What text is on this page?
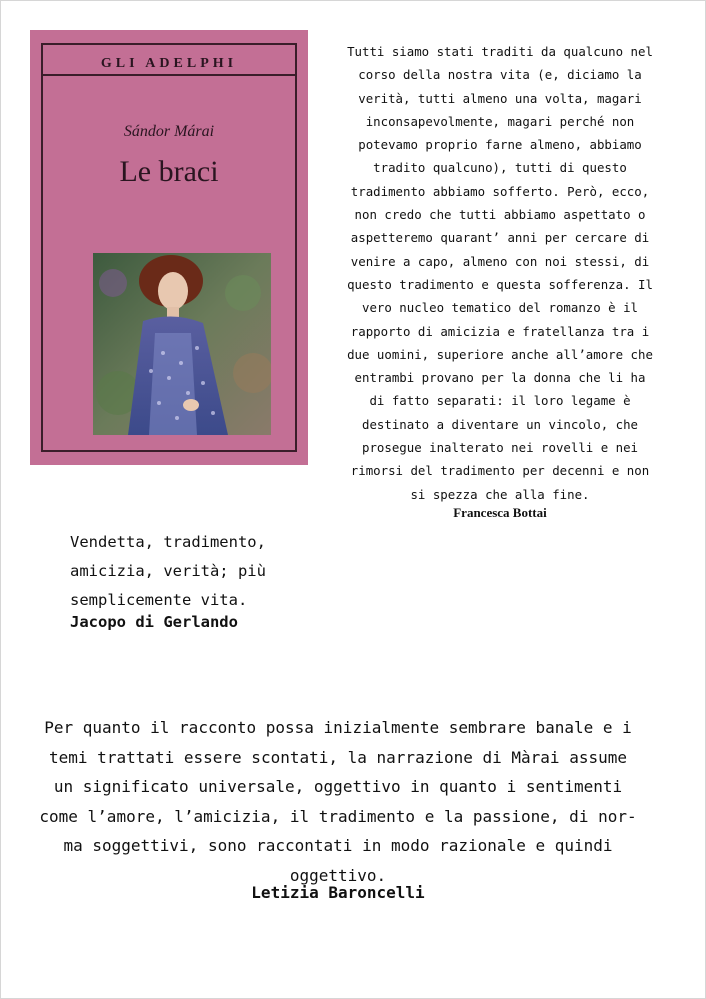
GLI ADELPHI
Sándor Márai
Le braci
Tutti siamo stati traditi da qualcuno nel
corso della nostra vita (e, diciamo la
verità, tutti almeno una volta, magari
inconsapevolmente, magari perché non
potevamo proprio farne almeno, abbiamo
tradito qualcuno), tutti di questo
tradimento abbiamo sofferto. Però, ecco,
non credo che tutti abbiamo aspettato o
aspetteremo quarant’ anni per cercare di
venire a capo, almeno con noi stessi, di
questo tradimento e questa sofferenza. Il
vero nucleo tematico del romanzo è il
rapporto di amicizia e fratellanza tra i
due uomini, superiore anche all’amore che
entrambi provano per la donna che li ha
di fatto separati: il loro legame è
destinato a diventare un vincolo, che
prosegue inalterato nei rovelli e nei
rimorsi del tradimento per decenni e non
si spezza che alla fine.
Francesca Bottai
Vendetta, tradimento,
amicizia, verità; più
semplicemente vita.
Jacopo di Gerlando
Per quanto il racconto possa inizialmente sembrare banale e i
temi trattati essere scontati, la narrazione di Màrai assume
un significato universale, oggettivo in quanto i sentimenti
come l’amore, l’amicizia, il tradimento e la passione, di nor-
ma soggettivi, sono raccontati in modo razionale e quindi
oggettivo.
Letizia Baroncelli
